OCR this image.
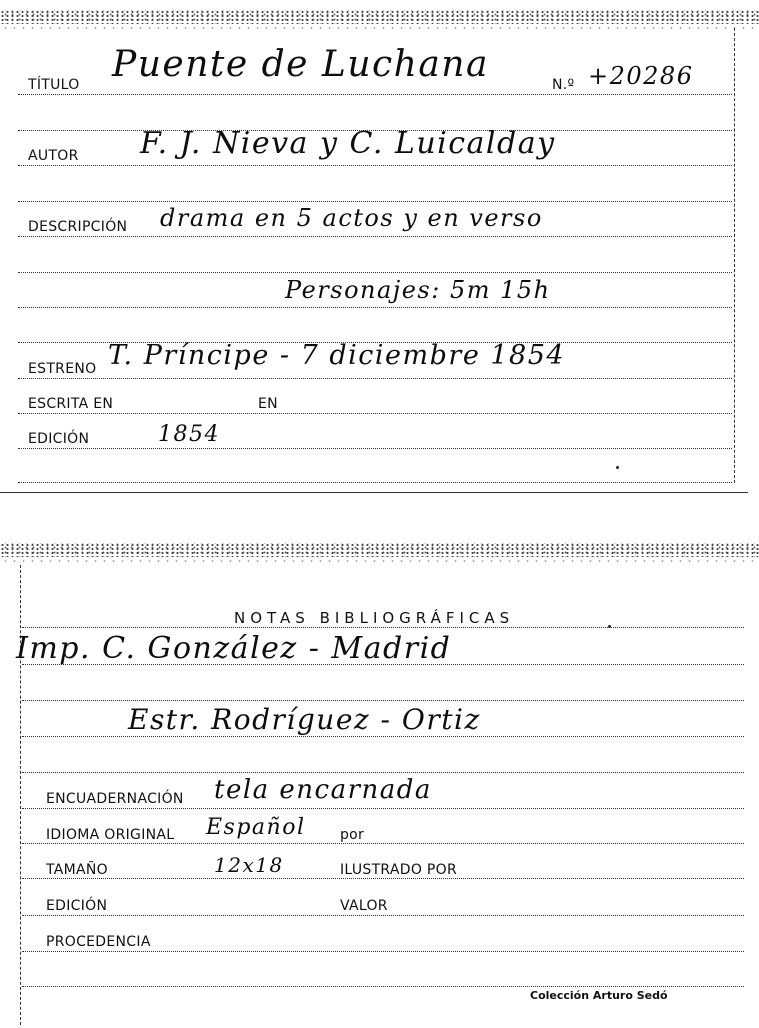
TÍTULO Puente de Luchana	N.º +20286
AUTOR F. J. Nieva y C. Luicalday
DESCRIPCIÓN drama en 5 actos y en verso
Personajes: 5m 15h
ESTRENO T. Príncipe - 7 diciembre 1854
ESCRITA EN	EN
EDICIÓN	1854
NOTAS BIBLIOGRÁFICAS
Imp. C. González - Madrid
Estr. Rodríguez - Ortiz
ENCUADERNACIÓN tela encarnada
IDIOMA ORIGINAL Español por
TAMAÑO	12x18	ILUSTRADO POR
EDICIÓN	VALOR
PROCEDENCIA
Colección Arturo Sedó
